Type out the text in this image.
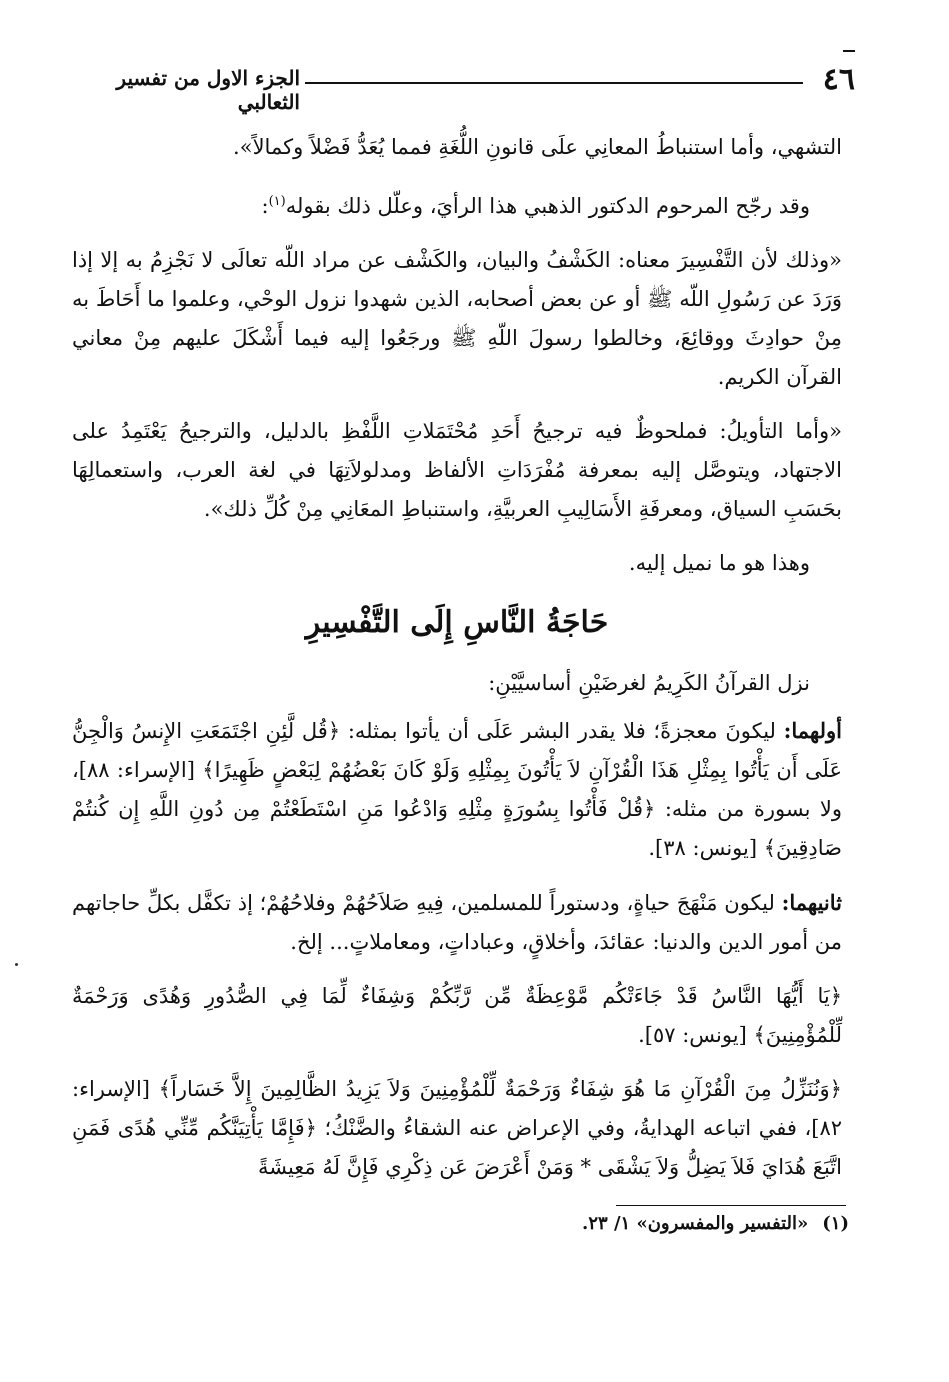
٤٦
الجزء الاول من تفسير الثعالبي

التشهي، وأما استنباطُ المعانِي علَى قانونِ اللُّغَةِ فمما يُعَدُّ فَضْلاً وكمالاً».

وقد رجّح المرحوم الدكتور الذهبي هذا الرأيَ، وعلّل ذلك بقوله$^{(١)}$:

«وذلك لأن التَّفْسِيرَ معناه: الكَشْفُ والبيان، والكَشْف عن مراد اللّه تعالَى لا نَجْزِمُ به إلا إذا وَرَدَ عن رَسُولِ اللّه ﷺ أو عن بعض أصحابه، الذين شهدوا نزول الوحْي، وعلموا ما أَحَاطَ به مِنْ حوادِثَ ووقائِعَ، وخالطوا رسولَ اللّهِ ﷺ ورجَعُوا إليه فيما أَشْكَلَ عليهم مِنْ معاني القرآن الكريم.

«وأما التأويلُ: فملحوظٌ فيه ترجيحُ أَحَدِ مُحْتَمَلاتِ اللَّفْظِ بالدليل، والترجيحُ يَعْتَمِدُ على الاجتهاد، ويتوصَّل إليه بمعرفة مُفْرَدَاتِ الألفاظ ومدلولاَتِهَا في لغة العرب، واستعمالِهَا بحَسَبِ السياق، ومعرفَةِ الأَسَالِيبِ العربيَّةِ، واستنباطِ المعَانِي مِنْ كُلِّ ذلك».

وهذا هو ما نميل إليه.

حَاجَةُ النَّاسِ إِلَى التَّفْسِيرِ

نزل القرآنُ الكَرِيمُ لغرضَيْنِ أساسيَّيْنِ:

أولهما: ليكونَ معجزةً؛ فلا يقدر البشر عَلَى أن يأتوا بمثله: ﴿قُل لَّئِنِ اجْتَمَعَتِ الإِنسُ وَالْجِنُّ عَلَى أَن يَأْتُوا بِمِثْلِ هَذَا الْقُرْآنِ لاَ يَأْتُونَ بِمِثْلِهِ وَلَوْ كَانَ بَعْضُهُمْ لِبَعْضٍ ظَهِيرًا﴾ [الإسراء: ٨٨]، ولا بسورة من مثله: ﴿قُلْ فَأْتُوا بِسُورَةٍ مِثْلِهِ وَادْعُوا مَنِ اسْتَطَعْتُمْ مِن دُونِ اللَّهِ إِن كُنتُمْ صَادِقِينَ﴾ [يونس: ٣٨].

ثانيهما: ليكون مَنْهَجَ حياةٍ، ودستوراً للمسلمين، فِيهِ صَلاَحُهُمْ وفلاحُهُمْ؛ إذ تكفَّل بكلِّ حاجاتهم من أمور الدين والدنيا: عقائدَ، وأخلاقٍ، وعباداتٍ، ومعاملاتٍ... إلخ.

﴿يَا أَيُّهَا النَّاسُ قَدْ جَاءَتْكُم مَّوْعِظَةٌ مِّن رَّبِّكُمْ وَشِفَاءٌ لِّمَا فِي الصُّدُورِ وَهُدًى وَرَحْمَةٌ لِّلْمُؤْمِنِينَ﴾ [يونس: ٥٧].

﴿وَنُنَزِّلُ مِنَ الْقُرْآنِ مَا هُوَ شِفَاءٌ وَرَحْمَةٌ لِّلْمُؤْمِنِينَ وَلاَ يَزِيدُ الظَّالِمِينَ إِلاَّ خَسَاراً﴾ [الإسراء: ٨٢]، ففي اتباعه الهدايةُ، وفي الإعراض عنه الشقاءُ والضَّنْكُ؛ ﴿فَإِمَّا يَأْتِيَنَّكُم مِّنِّي هُدًى فَمَنِ اتَّبَعَ هُدَايَ فَلاَ يَضِلُّ وَلاَ يَشْقَى * وَمَنْ أَعْرَضَ عَن ذِكْرِي فَإِنَّ لَهُ مَعِيشَةً

(١)«التفسير والمفسرون» ١/ ٢٣.
